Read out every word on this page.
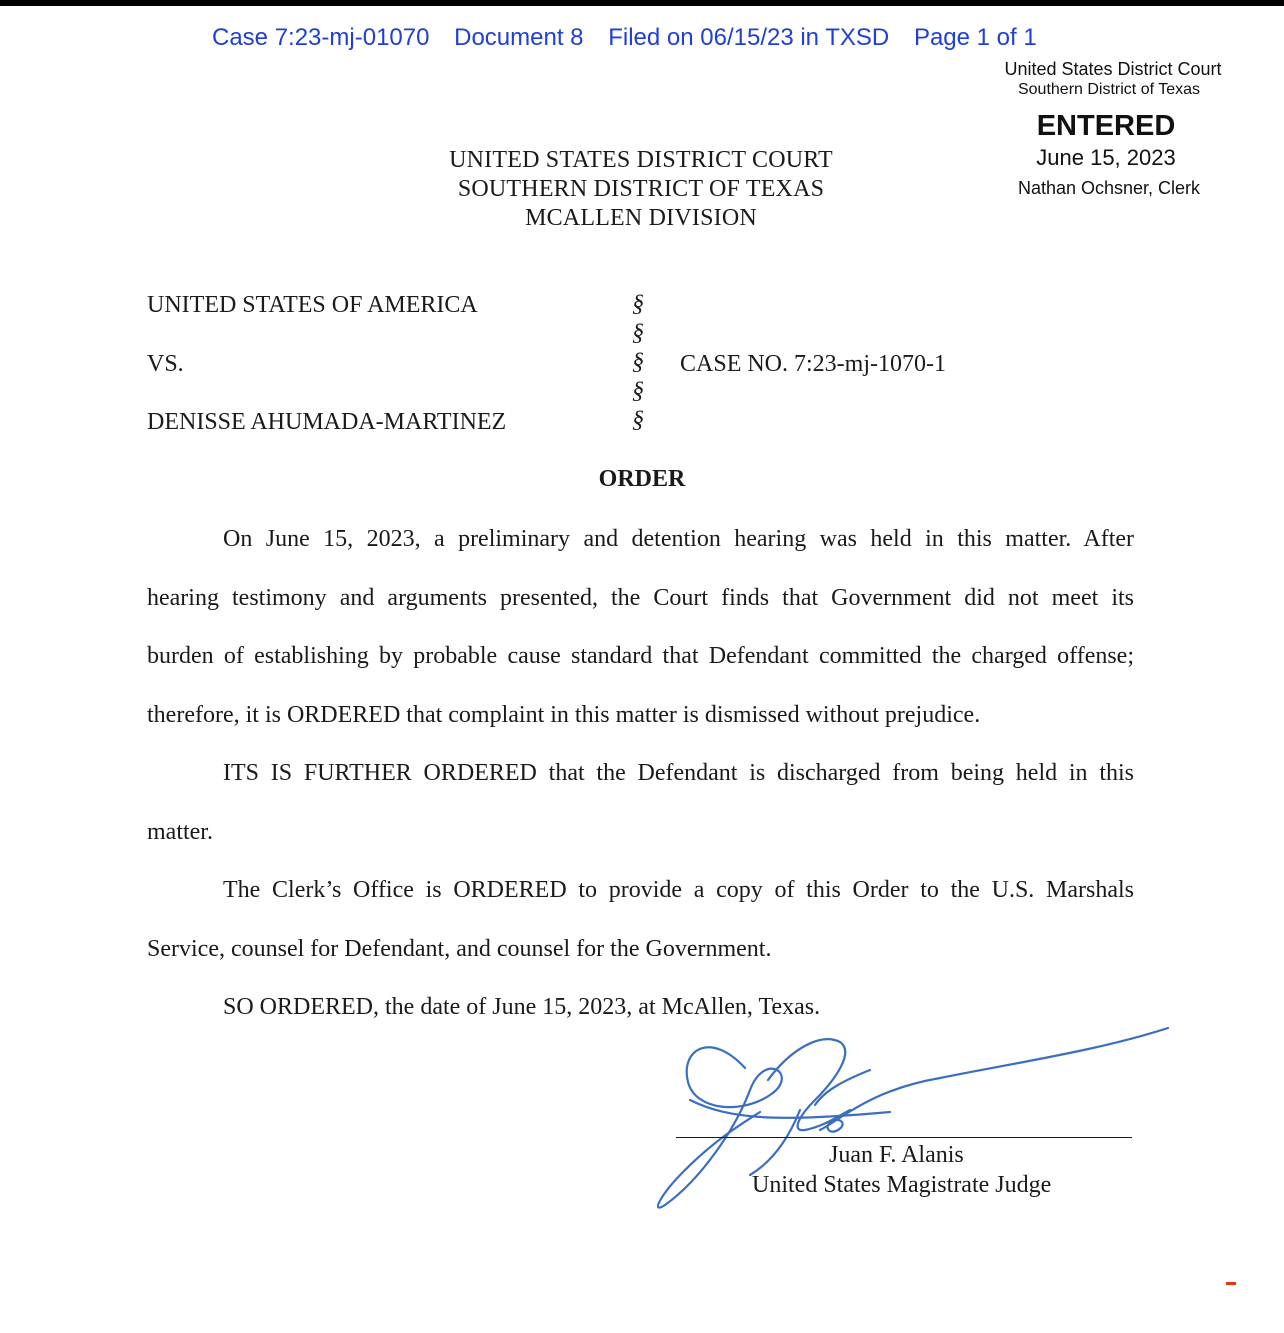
Case 7:23-mj-01070 Document 8 Filed on 06/15/23 in TXSD Page 1 of 1
United States District Court
Southern District of Texas
ENTERED
June 15, 2023
Nathan Ochsner, Clerk
UNITED STATES DISTRICT COURT
SOUTHERN DISTRICT OF TEXAS
MCALLEN DIVISION
UNITED STATES OF AMERICA
VS.
DENISSE AHUMADA-MARTINEZ
§
§
§
§
§
CASE NO. 7:23-mj-1070-1
ORDER
On June 15, 2023, a preliminary and detention hearing was held in this matter. After
hearing testimony and arguments presented, the Court finds that Government did not meet its
burden of establishing by probable cause standard that Defendant committed the charged offense;
therefore, it is ORDERED that complaint in this matter is dismissed without prejudice.
ITS IS FURTHER ORDERED that the Defendant is discharged from being held in this
matter.
The Clerk’s Office is ORDERED to provide a copy of this Order to the U.S. Marshals
Service, counsel for Defendant, and counsel for the Government.
SO ORDERED, the date of June 15, 2023, at McAllen, Texas.
Juan F. Alanis
United States Magistrate Judge
